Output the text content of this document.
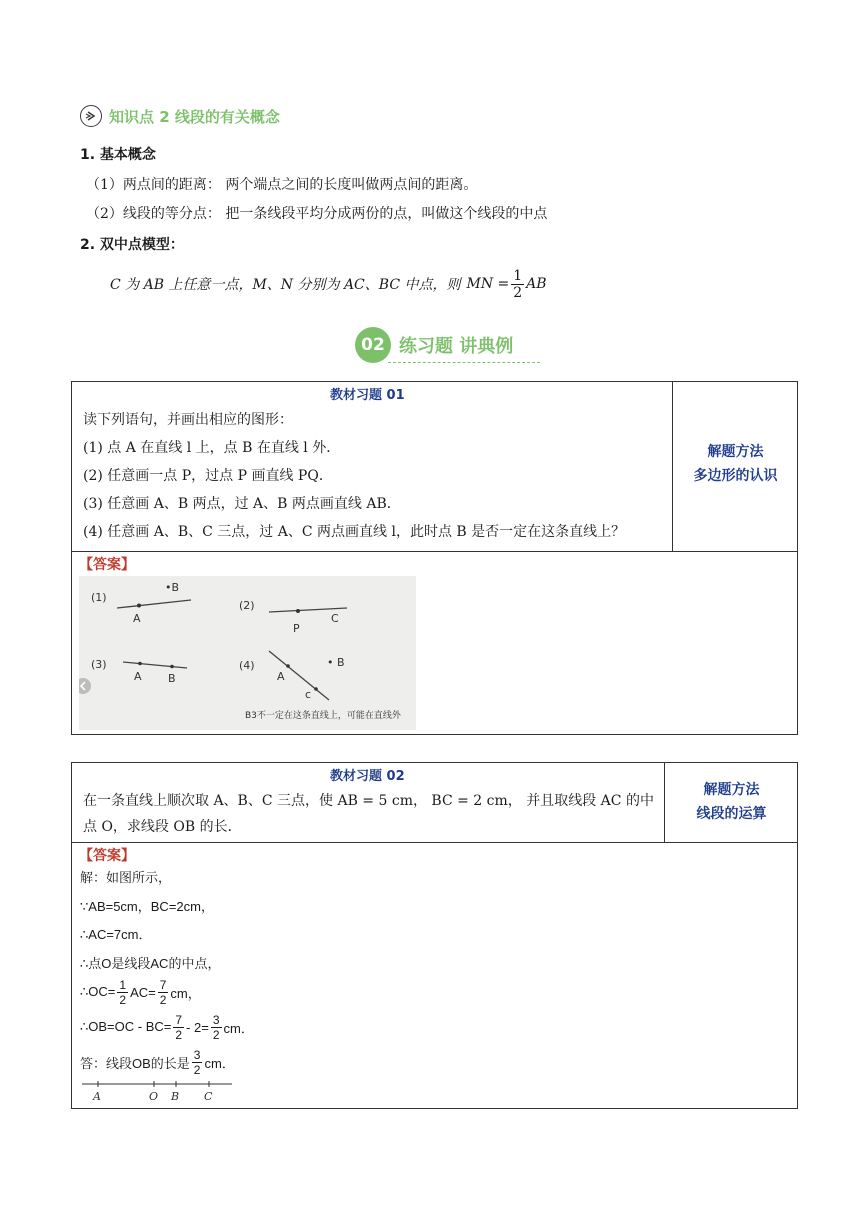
知识点 2 线段的有关概念
1. 基本概念
（1）两点间的距离： 两个端点之间的长度叫做两点间的距离。
（2）线段的等分点： 把一条线段平均分成两份的点，叫做这个线段的中点
2. 双中点模型：
C 为 AB 上任意一点，M、N 分别为 AC、BC 中点，则 MN = $\frac{1}{2}$ AB
02 练习题 讲典例
教材习题 01
读下列语句，并画出相应的图形：
(1) 点 A 在直线 l 上，点 B 在直线 l 外．
(2) 任意画一点 P，过点 P 画直线 PQ．
(3) 任意画 A、B 两点，过 A、B 两点画直线 AB．
(4) 任意画 A、B、C 三点，过 A、C 两点画直线 l，此时点 B 是否一定在这条直线上？
解题方法
多边形的认识
【答案】
(1)
A
•B
(2)
P
C
(3)
A B
(4)
A
• B
c
B3不一定在这条直线上，可能在直线外
教材习题 02
在一条直线上顺次取 A、B、C 三点，使 AB = 5 cm， BC = 2 cm， 并且取线段 AC 的中
点 O，求线段 OB 的长．
解题方法
线段的运算
【答案】
解：如图所示，
∵AB=5cm，BC=2cm，
∴AC=7cm．
∴点O是线段AC的中点，
∴OC= $\frac{1}{2} AC= \frac{7}{2}$ cm，
∴OB=OC - $BC= \frac{7}{2} - 2= \frac{3}{2}$ cm．
答：线段OB的长是 $\frac{3}{2}$ cm．
A	O B C
